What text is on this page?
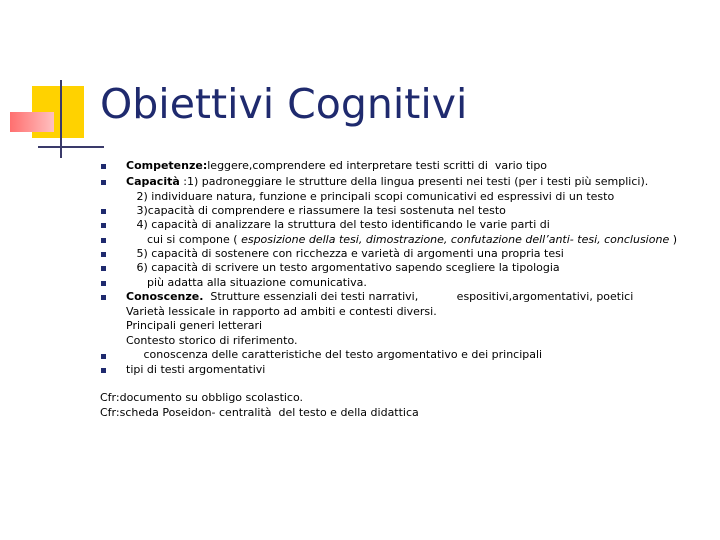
Obiettivi Cognitivi
Competenze:leggere,comprendere ed interpretare testi scritti di  vario tipo
Capacità :1) padroneggiare le strutture della lingua presenti nei testi (per i testi più semplici).
2) individuare natura, funzione e principali scopi comunicativi ed espressivi di un testo
3)capacità di comprendere e riassumere la tesi sostenuta nel testo
4) capacità di analizzare la struttura del testo identificando le varie parti di
cui si compone ( esposizione della tesi, dimostrazione, confutazione dell’anti- tesi, conclusione )
5) capacità di sostenere con ricchezza e varietà di argomenti una propria tesi
6) capacità di scrivere un testo argomentativo sapendo scegliere la tipologia
più adatta alla situazione comunicativa.
Conoscenze.  Strutture essenziali dei testi narrativi,           espositivi,argomentativi, poetici
Varietà lessicale in rapporto ad ambiti e contesti diversi.
Principali generi letterari
Contesto storico di riferimento.
conoscenza delle caratteristiche del testo argomentativo e dei principali
tipi di testi argomentativi
Cfr:documento su obbligo scolastico.
Cfr:scheda Poseidon- centralità  del testo e della didattica
